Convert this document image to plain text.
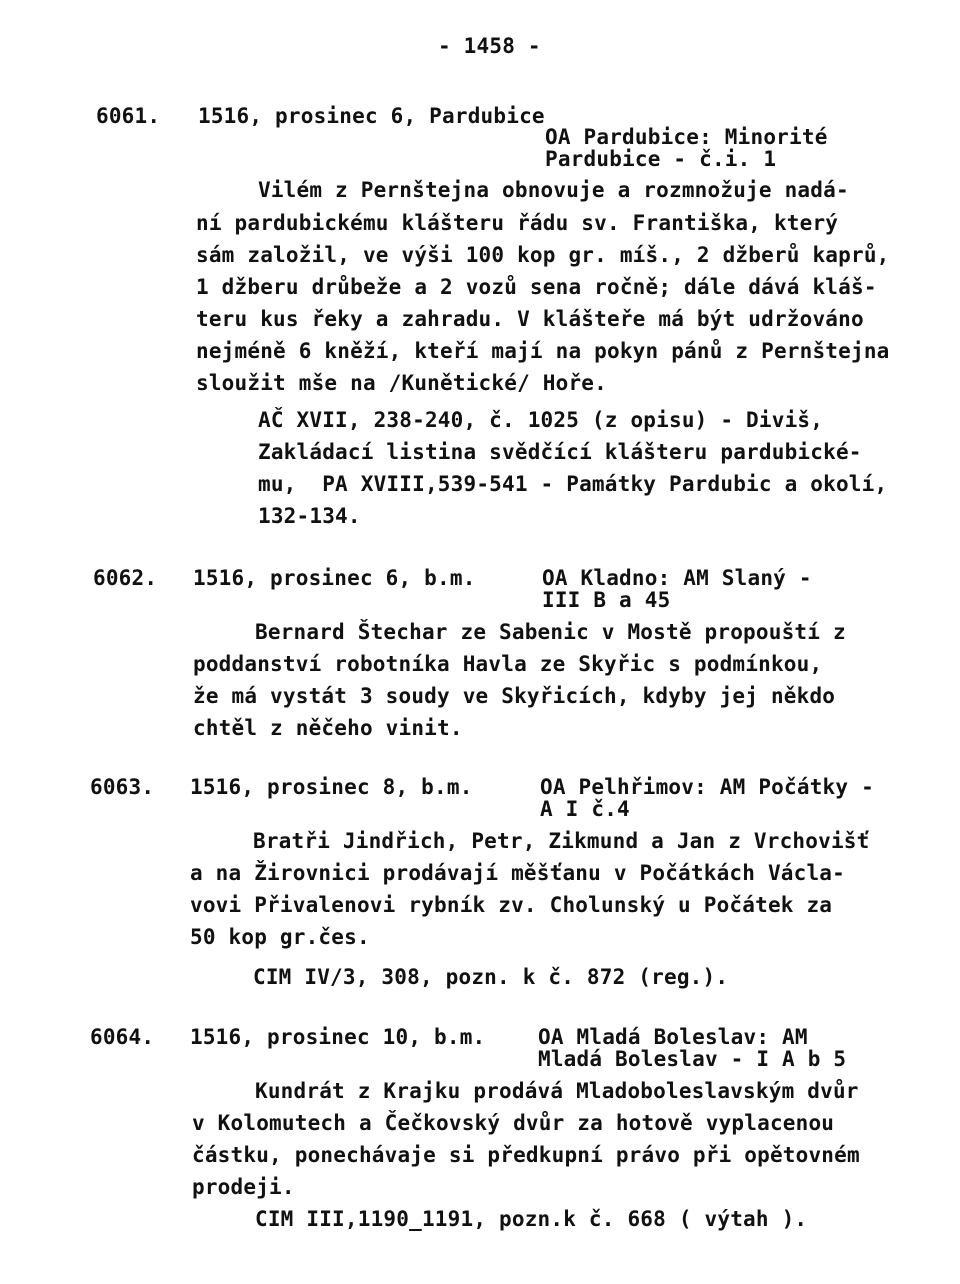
- 1458 -
6061. 1516, prosinec 6, Pardubice
OA Pardubice: Minorité
Pardubice - č.i. 1
Vilém z Pernštejna obnovuje a rozmnožuje nadá-
ní pardubickému klášteru řádu sv. Františka, který
sám založil, ve výši 100 kop gr. míš., 2 džberů kaprů,
1 džberu drůbeže a 2 vozů sena ročně; dále dává kláš-
teru kus řeky a zahradu. V klášteře má být udržováno
nejméně 6 kněží, kteří mají na pokyn pánů z Pernštejna
sloužit mše na /Kunětické/ Hoře.
AČ XVII, 238-240, č. 1025 (z opisu) - Diviš,
Zakládací listina svědčící klášteru pardubické-
mu,  PA XVIII,539-541 - Památky Pardubic a okolí,
132-134.
6062. 1516, prosinec 6, b.m.	OA Kladno: AM Slaný -
III B a 45
Bernard Štechar ze Sabenic v Mostě propouští z
poddanství robotníka Havla ze Skyřic s podmínkou,
že má vystát 3 soudy ve Skyřicích, kdyby jej někdo
chtěl z něčeho vinit.
6063. 1516, prosinec 8, b.m.	OA Pelhřimov: AM Počátky -
A I č.4
Bratři Jindřich, Petr, Zikmund a Jan z Vrchovišť
a na Žirovnici prodávají měšťanu v Počátkách Václa-
vovi Přivalenovi rybník zv. Cholunský u Počátek za
50 kop gr.čes.
CIM IV/3, 308, pozn. k č. 872 (reg.).
6064. 1516, prosinec 10, b.m.	OA Mladá Boleslav: AM
Mladá Boleslav - I A b 5
Kundrát z Krajku prodává Mladoboleslavským dvůr
v Kolomutech a Čečkovský dvůr za hotově vyplacenou
částku, ponechávaje si předkupní právo při opětovném
prodeji.
CIM III,1190_1191, pozn.k č. 668 ( výtah ).
